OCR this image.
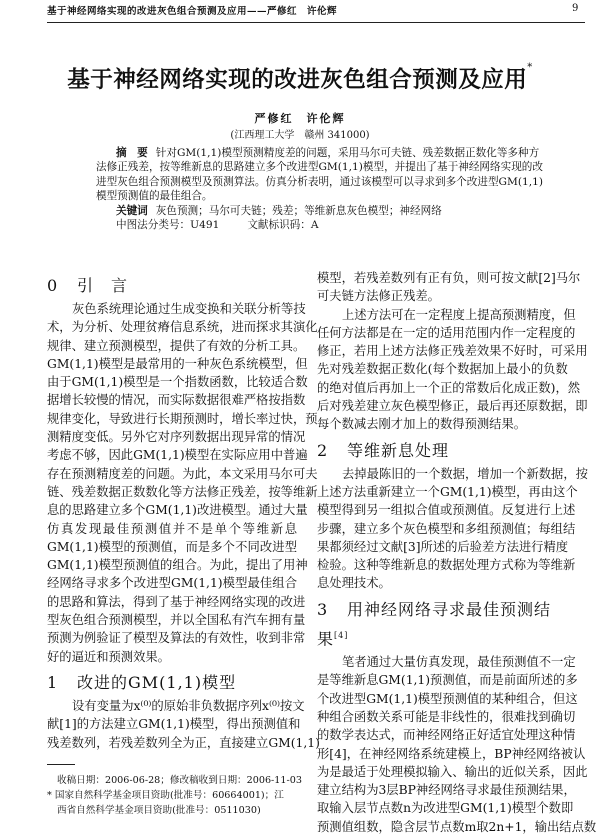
基于神经网络实现的改进灰色组合预测及应用——严修红　许伦辉	9
基于神经网络实现的改进灰色组合预测及应用*
严修红　许伦辉
(江西理工大学　赣州 341000)
摘　要 针对GM(1,1)模型预测精度差的问题，采用马尔可夫链、残差数据正数化等多种方
法修正残差，按等维新息的思路建立多个改进型GM(1,1)模型，并提出了基于神经网络实现的改
进型灰色组合预测模型及预测算法。仿真分析表明，通过该模型可以寻求到多个改进型GM(1,1)
模型预测值的最佳组合。
关键词 灰色预测；马尔可夫链；残差；等维新息灰色模型；神经网络
中图法分类号：U491	文献标识码：A
0 引　言
灰色系统理论通过生成变换和关联分析等技
术，为分析、处理贫瘠信息系统，进而探求其演化
规律、建立预测模型，提供了有效的分析工具。
GM(1,1)模型是最常用的一种灰色系统模型，但
由于GM(1,1)模型是一个指数函数，比较适合数
据增长较慢的情况，而实际数据很难严格按指数
规律变化，导致进行长期预测时，增长率过快，预
测精度变低。另外它对序列数据出现异常的情况
考虑不够，因此GM(1,1)模型在实际应用中普遍
存在预测精度差的问题。为此，本文采用马尔可夫
链、残差数据正数数化等方法修正残差，按等维新
息的思路建立多个GM(1,1)改进模型。通过大量
仿真发现最佳预测值并不是单个等维新息
GM(1,1)模型的预测值，而是多个不同改进型
GM(1,1)模型预测值的组合。为此，提出了用神
经网络寻求多个改进型GM(1,1)模型最佳组合
的思路和算法，得到了基于神经网络实现的改进
型灰色组合预测模型，并以全国私有汽车拥有量
预测为例验证了模型及算法的有效性，收到非常
好的逼近和预测效果。
1 改进的GM(1,1)模型
设有变量为x⁽⁰⁾的原始非负数据序列x⁽⁰⁾按文
献[1]的方法建立GM(1,1)模型，得出预测值和
残差数列，若残差数列全为正，直接建立GM(1,1)
收稿日期：2006-06-28；修改稿收到日期：2006-11-03
* 国家自然科学基金项目资助(批准号：60664001)；江
西省自然科学基金项目资助(批准号：0511030)
模型，若残差数列有正有负，则可按文献[2]马尔
可夫链方法修正残差。
上述方法可在一定程度上提高预测精度，但
任何方法都是在一定的适用范围内作一定程度的
修正，若用上述方法修正残差效果不好时，可采用
先对残差数据正数化(每个数据加上最小的负数
的绝对值后再加上一个正的常数后化成正数)，然
后对残差建立灰色模型修正，最后再还原数据，即
每个数减去刚才加上的数得预测结果。
2 等维新息处理
去掉最陈旧的一个数据，增加一个新数据，按
上述方法重新建立一个GM(1,1)模型，再由这个
模型得到另一组拟合值或预测值。反复进行上述
步骤，建立多个灰色模型和多组预测值；每组结
果都须经过文献[3]所述的后验差方法进行精度
检验。这种等维新息的数据处理方式称为等维新
息处理技术。
3 用神经网络寻求最佳预测结果[4]
笔者通过大量仿真发现，最佳预测值不一定
是等维新息GM(1,1)预测值，而是前面所述的多
个改进型GM(1,1)模型预测值的某种组合，但这
种组合函数关系可能是非线性的，很难找到确切
的数学表达式，而神经网络正好适宜处理这种情
形[4]，在神经网络系统建模上，BP神经网络被认
为是最适于处理模拟输入、输出的近似关系，因此
建立结构为3层BP神经网络寻求最佳预测结果，
取输入层节点数n为改进型GM(1,1)模型个数即
预测值组数，隐含层节点数m取2n+1，输出结点数
